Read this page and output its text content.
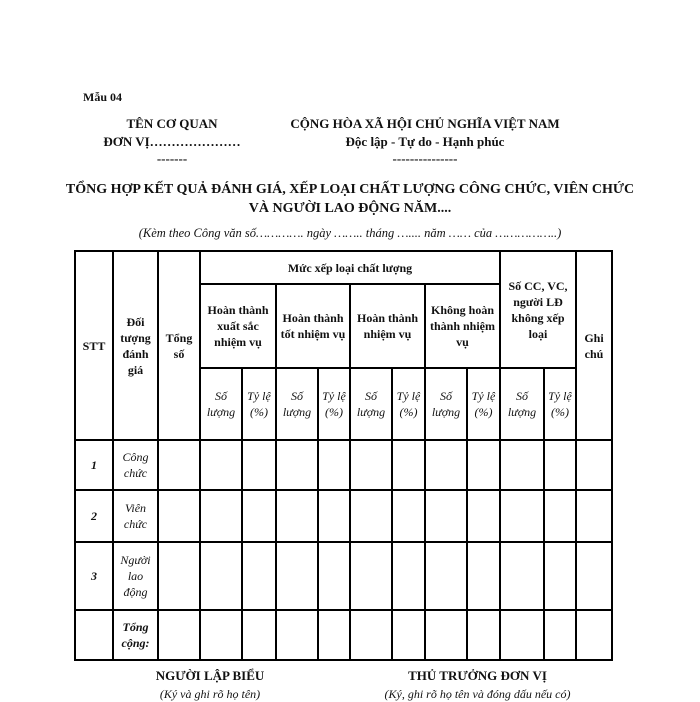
Mẫu 04
TÊN CƠ QUAN
ĐƠN VỊ…………………
-------
CỘNG HÒA XÃ HỘI CHỦ NGHĨA VIỆT NAM
Độc lập - Tự do - Hạnh phúc
---------------
TỔNG HỢP KẾT QUẢ ĐÁNH GIÁ, XẾP LOẠI CHẤT LƯỢNG CÔNG CHỨC, VIÊN CHỨC VÀ NGƯỜI LAO ĐỘNG NĂM....
(Kèm theo Công văn số…………. ngày …….. tháng ….... năm …… của ……………..)
STT	Đối tượng đánh giá	Tổng số	Mức xếp loại chất lượng								Số CC, VC, người LĐ không xếp loại		Ghi chú
			Hoàn thành xuất sắc nhiệm vụ		Hoàn thành tốt nhiệm vụ		Hoàn thành nhiệm vụ		Không hoàn thành nhiệm vụ				
			Số lượng	Tỷ lệ (%)	Số lượng	Tỷ lệ (%)	Số lượng	Tỷ lệ (%)	Số lượng	Tỷ lệ (%)	Số lượng	Tỷ lệ (%)	
1	Công chức												
2	Viên chức												
3	Người lao động												
	Tổng cộng:												
NGƯỜI LẬP BIỂU
(Ký và ghi rõ họ tên)
THỦ TRƯỞNG ĐƠN VỊ
(Ký, ghi rõ họ tên và đóng dấu nếu có)
